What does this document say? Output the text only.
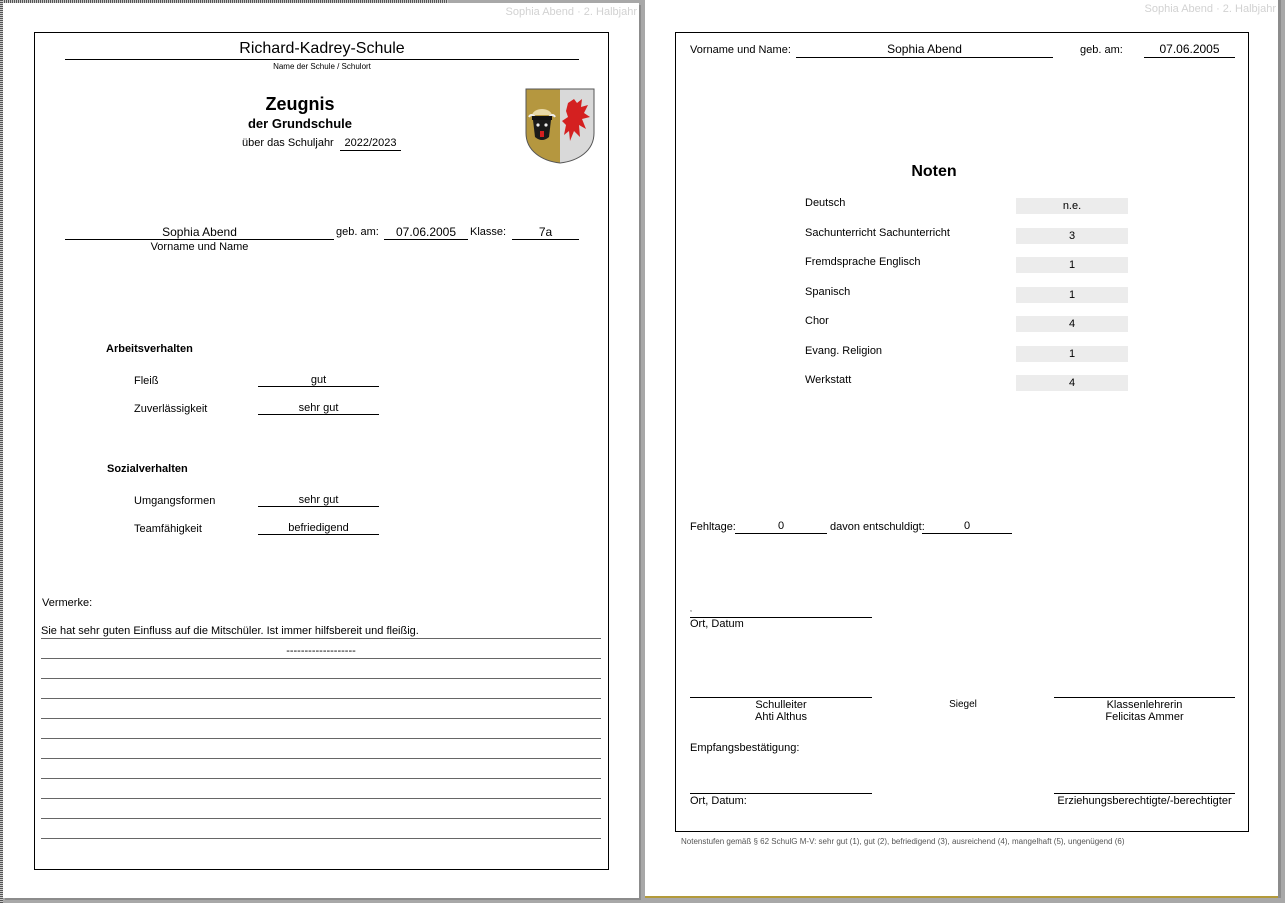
Sophia Abend · 2. Halbjahr
Richard-Kadrey-Schule
Name der Schule / Schulort
Zeugnis
der Grundschule
über das Schuljahr 2022/2023
Sophia Abend
Vorname und Name
geb. am:	07.06.2005	Klasse:	7a
Arbeitsverhalten
Fleiß	gut
Zuverlässigkeit	sehr gut
Sozialverhalten
Umgangsformen	sehr gut
Teamfähigkeit	befriedigend
Vermerke:
Sie hat sehr guten Einfluss auf die Mitschüler. Ist immer hilfsbereit und fleißig.
-------------------
Sophia Abend · 2. Halbjahr
Vorname und Name:	Sophia Abend	geb. am:	07.06.2005
Noten
Deutsch	n.e.
Sachunterricht Sachunterricht	3
Fremdsprache Englisch	1
Spanisch	1
Chor	4
Evang. Religion	1
Werkstatt	4
Fehltage:	0	davon entschuldigt:	0
,
Ort, Datum
Schulleiter
Ahti Althus
Siegel	Klassenlehrerin
Felicitas Ammer
Empfangsbestätigung:
Ort, Datum:	Erziehungsberechtigte/-berechtigter
Notenstufen gemäß § 62 SchulG M-V: sehr gut (1), gut (2), befriedigend (3), ausreichend (4), mangelhaft (5), ungenügend (6)
